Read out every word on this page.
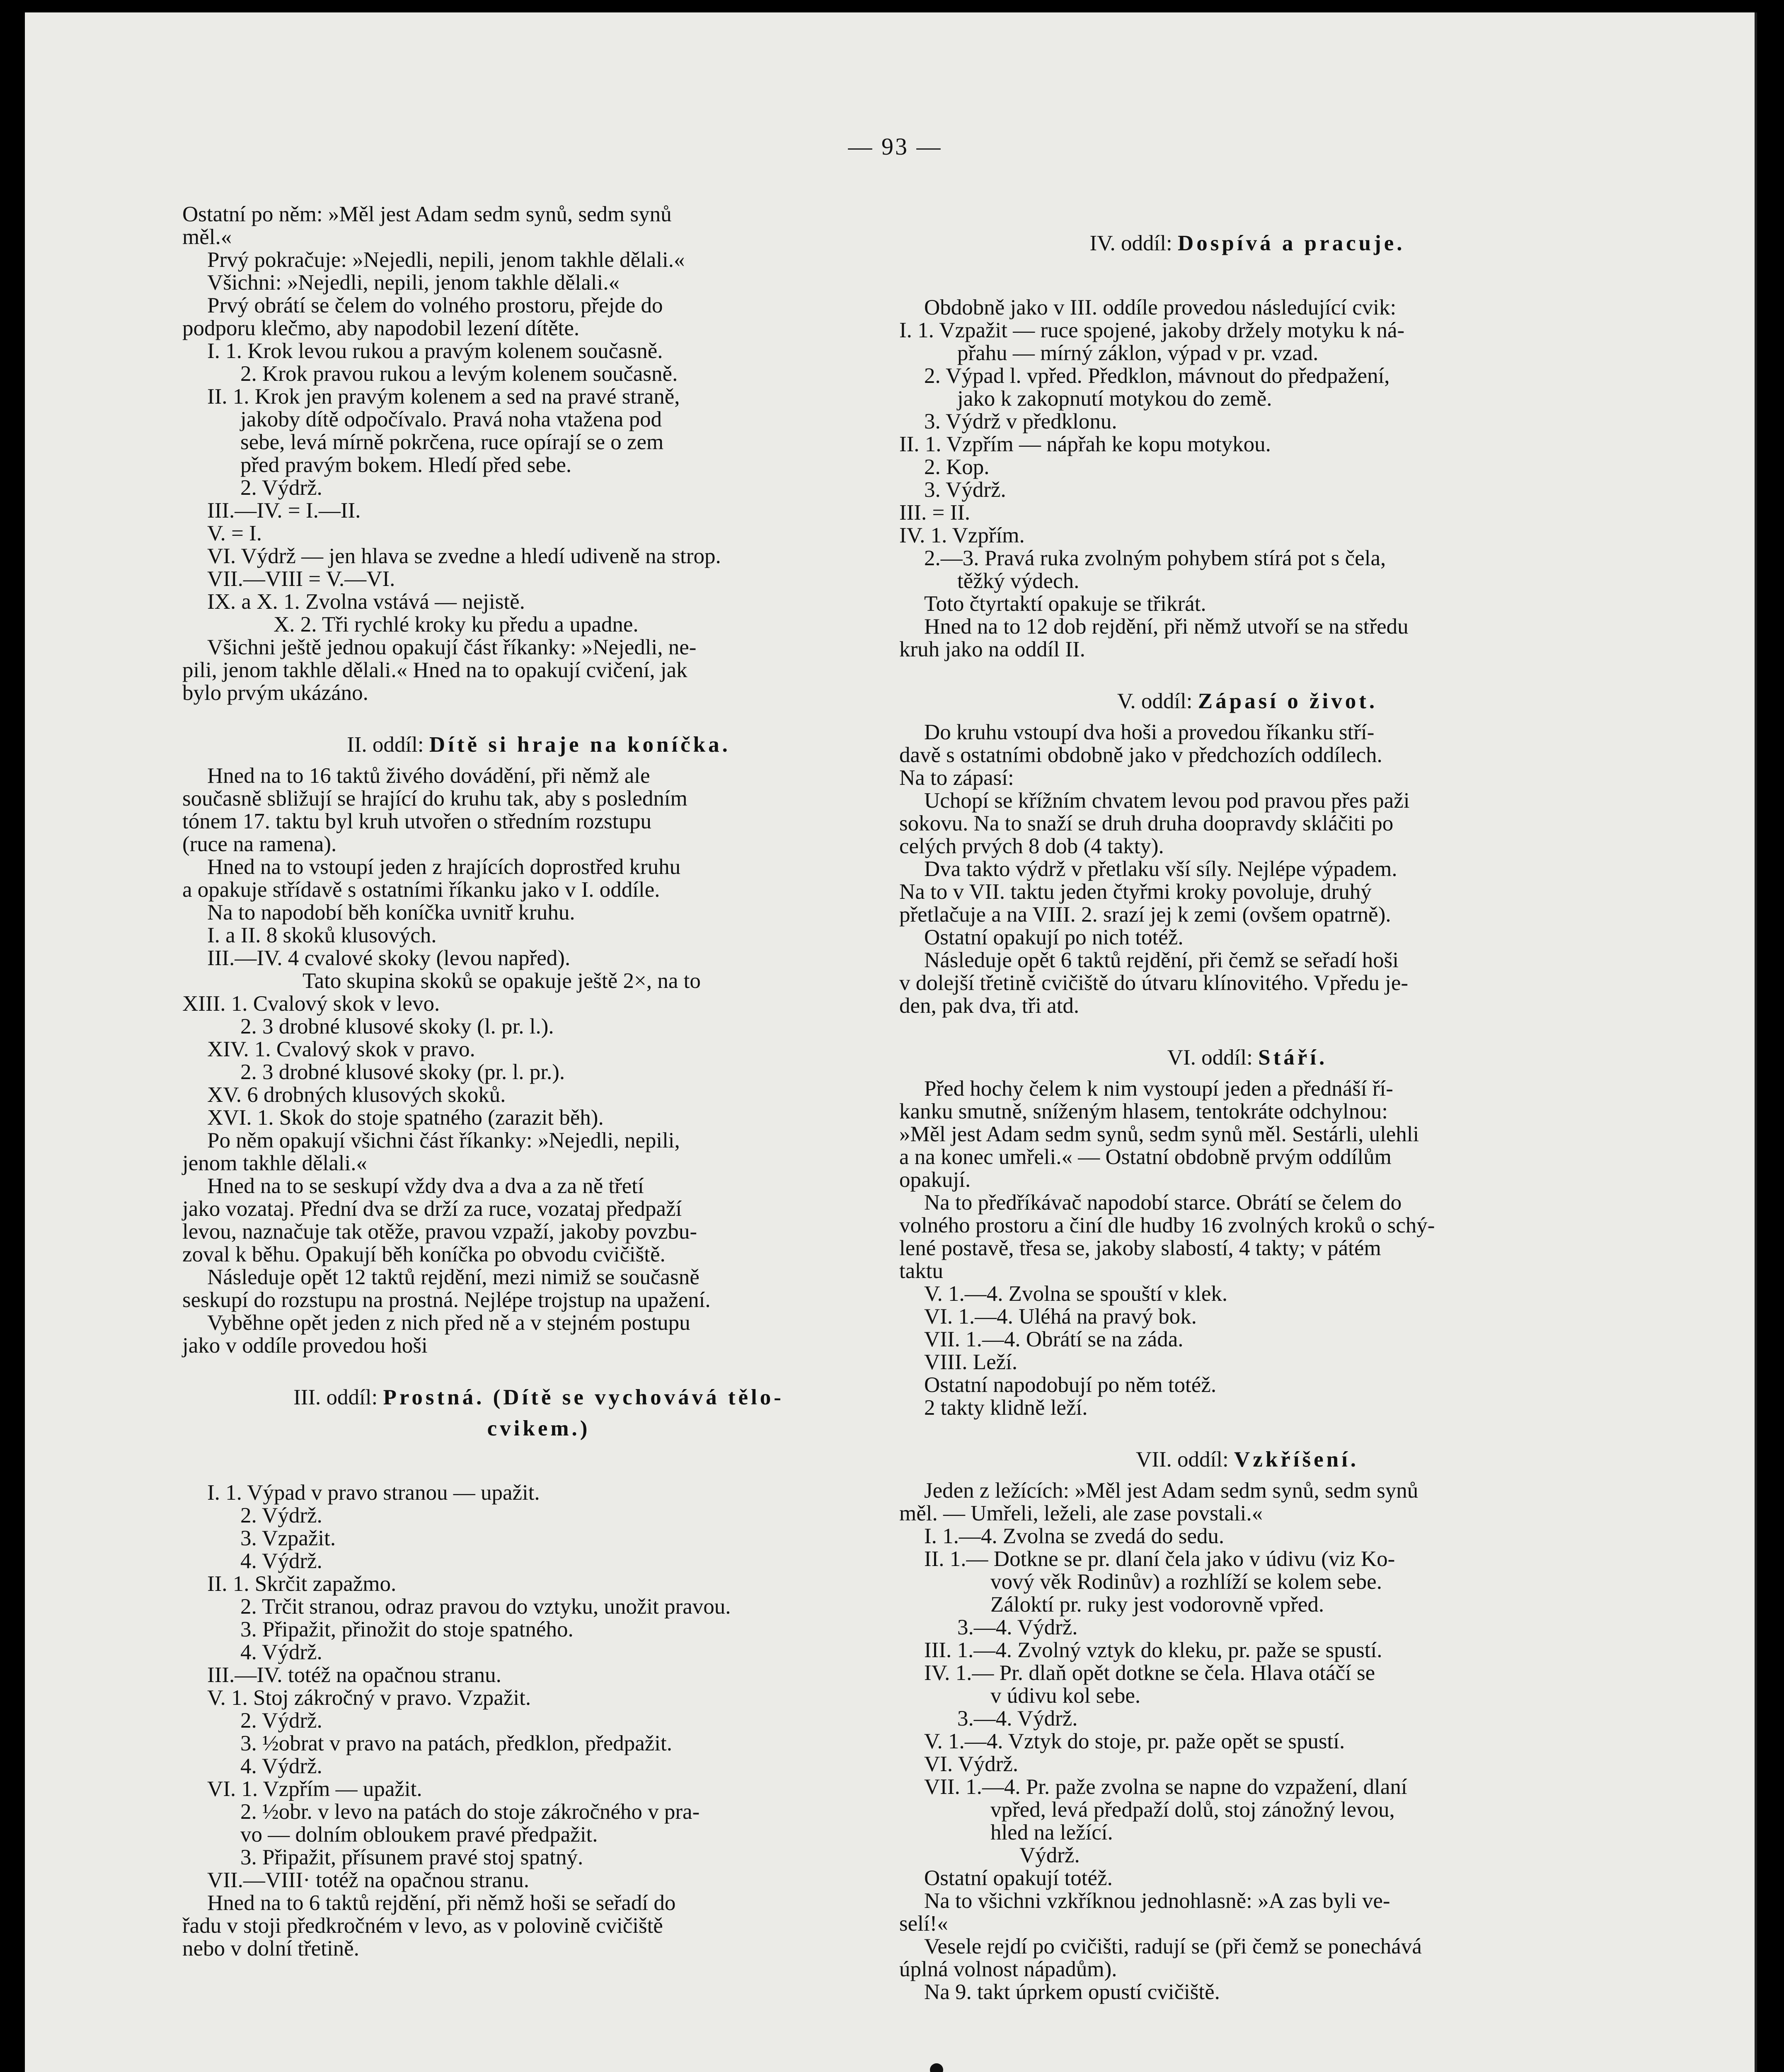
— 93 —
Ostatní po něm: »Měl jest Adam sedm synů, sedm synů
měl.«
Prvý pokračuje: »Nejedli, nepili, jenom takhle dělali.«
Všichni: »Nejedli, nepili, jenom takhle dělali.«
Prvý obrátí se čelem do volného prostoru, přejde do
podporu klečmo, aby napodobil lezení dítěte.
I. 1. Krok levou rukou a pravým kolenem současně.
2. Krok pravou rukou a levým kolenem současně.
II. 1. Krok jen pravým kolenem a sed na pravé straně,
jakoby dítě odpočívalo. Pravá noha vtažena pod
sebe, levá mírně pokrčena, ruce opírají se o zem
před pravým bokem. Hledí před sebe.
2. Výdrž.
III.—IV. = I.—II.
V. = I.
VI. Výdrž — jen hlava se zvedne a hledí udiveně na strop.
VII.—VIII = V.—VI.
IX. a X. 1. Zvolna vstává — nejistě.
X. 2. Tři rychlé kroky ku předu a upadne.
Všichni ještě jednou opakují část říkanky: »Nejedli, ne-
pili, jenom takhle dělali.« Hned na to opakují cvičení, jak
bylo prvým ukázáno.
II. oddíl: Dítě si hraje na koníčka.
Hned na to 16 taktů živého dovádění, při němž ale
současně sbližují se hrající do kruhu tak, aby s posledním
tónem 17. taktu byl kruh utvořen o středním rozstupu
(ruce na ramena).
Hned na to vstoupí jeden z hrajících doprostřed kruhu
a opakuje střídavě s ostatními říkanku jako v I. oddíle.
Na to napodobí běh koníčka uvnitř kruhu.
I. a II. 8 skoků klusových.
III.—IV. 4 cvalové skoky (levou napřed).
Tato skupina skoků se opakuje ještě 2×, na to
XIII. 1. Cvalový skok v levo.
2. 3 drobné klusové skoky (l. pr. l.).
XIV. 1. Cvalový skok v pravo.
2. 3 drobné klusové skoky (pr. l. pr.).
XV. 6 drobných klusových skoků.
XVI. 1. Skok do stoje spatného (zarazit běh).
Po něm opakují všichni část říkanky: »Nejedli, nepili,
jenom takhle dělali.«
Hned na to se seskupí vždy dva a dva a za ně třetí
jako vozataj. Přední dva se drží za ruce, vozataj předpaží
levou, naznačuje tak otěže, pravou vzpaží, jakoby povzbu-
zoval k běhu. Opakují běh koníčka po obvodu cvičiště.
Následuje opět 12 taktů rejdění, mezi nimiž se současně
seskupí do rozstupu na prostná. Nejlépe trojstup na upažení.
Vyběhne opět jeden z nich před ně a v stejném postupu
jako v oddíle provedou hoši
III. oddíl: Prostná. (Dítě se vychovává tělo-
cvikem.)
I. 1. Výpad v pravo stranou — upažit.
2. Výdrž.
3. Vzpažit.
4. Výdrž.
II. 1. Skrčit zapažmo.
2. Trčit stranou, odraz pravou do vztyku, unožit pravou.
3. Připažit, přinožit do stoje spatného.
4. Výdrž.
III.—IV. totéž na opačnou stranu.
V. 1. Stoj zákročný v pravo. Vzpažit.
2. Výdrž.
3. ½obrat v pravo na patách, předklon, předpažit.
4. Výdrž.
VI. 1. Vzpřím — upažit.
2. ½obr. v levo na patách do stoje zákročného v pra-
vo — dolním obloukem pravé předpažit.
3. Připažit, přísunem pravé stoj spatný.
VII.—VIII· totéž na opačnou stranu.
Hned na to 6 taktů rejdění, při němž hoši se seřadí do
řadu v stoji předkročném v levo, as v polovině cvičiště
nebo v dolní třetině.
IV. oddíl: Dospívá a pracuje.
Obdobně jako v III. oddíle provedou následující cvik:
I. 1. Vzpažit — ruce spojené, jakoby držely motyku k ná-
přahu — mírný záklon, výpad v pr. vzad.
2. Výpad l. vpřed. Předklon, mávnout do předpažení,
jako k zakopnutí motykou do země.
3. Výdrž v předklonu.
II. 1. Vzpřím — nápřah ke kopu motykou.
2. Kop.
3. Výdrž.
III. = II.
IV. 1. Vzpřím.
2.—3. Pravá ruka zvolným pohybem stírá pot s čela,
těžký výdech.
Toto čtyrtaktí opakuje se třikrát.
Hned na to 12 dob rejdění, při němž utvoří se na středu
kruh jako na oddíl II.
V. oddíl: Zápasí o život.
Do kruhu vstoupí dva hoši a provedou říkanku stří-
davě s ostatními obdobně jako v předchozích oddílech.
Na to zápasí:
Uchopí se křížním chvatem levou pod pravou přes paži
sokovu. Na to snaží se druh druha doopravdy skláčiti po
celých prvých 8 dob (4 takty).
Dva takto výdrž v přetlaku vší síly. Nejlépe výpadem.
Na to v VII. taktu jeden čtyřmi kroky povoluje, druhý
přetlačuje a na VIII. 2. srazí jej k zemi (ovšem opatrně).
Ostatní opakují po nich totéž.
Následuje opět 6 taktů rejdění, při čemž se seřadí hoši
v dolejší třetině cvičiště do útvaru klínovitého. Vpředu je-
den, pak dva, tři atd.
VI. oddíl: Stáří.
Před hochy čelem k nim vystoupí jeden a přednáší ří-
kanku smutně, sníženým hlasem, tentokráte odchylnou:
»Měl jest Adam sedm synů, sedm synů měl. Sestárli, ulehli
a na konec umřeli.« — Ostatní obdobně prvým oddílům
opakují.
Na to předříkávač napodobí starce. Obrátí se čelem do
volného prostoru a činí dle hudby 16 zvolných kroků o schý-
lené postavě, třesa se, jakoby slabostí, 4 takty; v pátém
taktu
V. 1.—4. Zvolna se spouští v klek.
VI. 1.—4. Uléhá na pravý bok.
VII. 1.—4. Obrátí se na záda.
VIII. Leží.
Ostatní napodobují po něm totéž.
2 takty klidně leží.
VII. oddíl: Vzkříšení.
Jeden z ležících: »Měl jest Adam sedm synů, sedm synů
měl. — Umřeli, leželi, ale zase povstali.«
I. 1.—4. Zvolna se zvedá do sedu.
II. 1.— Dotkne se pr. dlaní čela jako v údivu (viz Ko-
vový věk Rodinův) a rozhlíží se kolem sebe.
Záloktí pr. ruky jest vodorovně vpřed.
3.—4. Výdrž.
III. 1.—4. Zvolný vztyk do kleku, pr. paže se spustí.
IV. 1.— Pr. dlaň opět dotkne se čela. Hlava otáčí se
v údivu kol sebe.
3.—4. Výdrž.
V. 1.—4. Vztyk do stoje, pr. paže opět se spustí.
VI. Výdrž.
VII. 1.—4. Pr. paže zvolna se napne do vzpažení, dlaní
vpřed, levá předpaží dolů, stoj zánožný levou,
hled na ležící.
Výdrž.
Ostatní opakují totéž.
Na to všichni vzkříknou jednohlasně: »A zas byli ve-
selí!«
Vesele rejdí po cvičišti, radují se (při čemž se ponechává
úplná volnost nápadům).
Na 9. takt úprkem opustí cvičiště.
